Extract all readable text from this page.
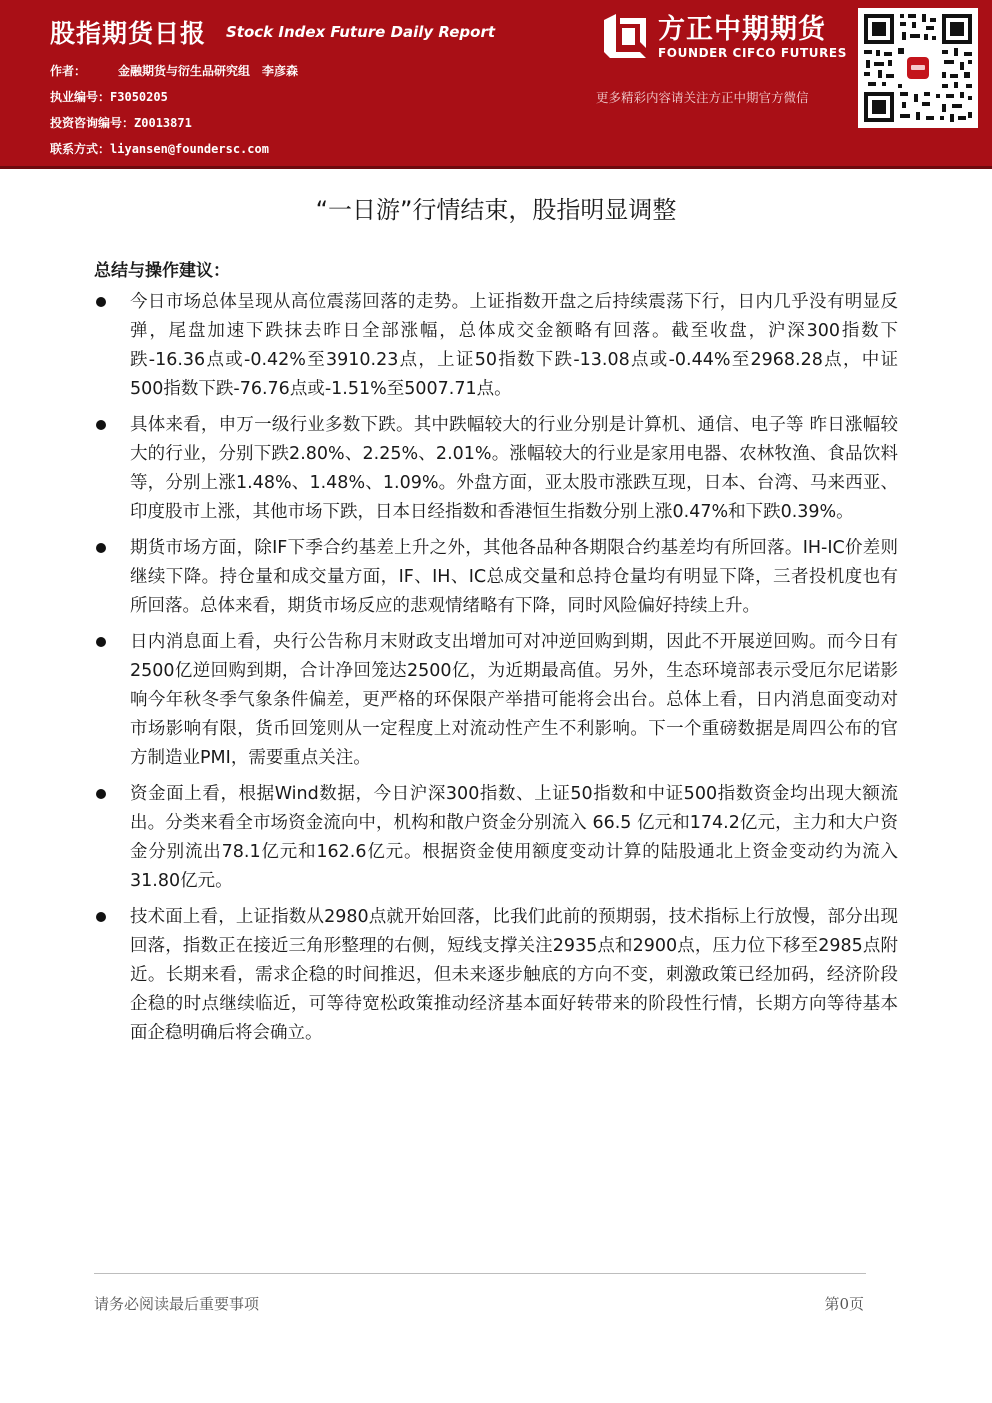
股指期货日报 Stock Index Future Daily Report
作者：	金融期货与衍生品研究组 李彦森
执业编号：F3050205
投资咨询编号：Z0013871
联系方式：liyansen@foundersc.com
方正中期期货
FOUNDER CIFCO FUTURES
更多精彩内容请关注方正中期官方微信
“一日游”行情结束，股指明显调整
总结与操作建议：
今日市场总体呈现从高位震荡回落的走势。上证指数开盘之后持续震荡下行，日内几乎没有明显反弹，尾盘加速下跌抹去昨日全部涨幅，总体成交金额略有回落。截至收盘，沪深300指数下跌-16.36点或-0.42%至3910.23点，上证50指数下跌-13.08点或-0.44%至2968.28点，中证500指数下跌-76.76点或-1.51%至5007.71点。
具体来看，申万一级行业多数下跌。其中跌幅较大的行业分别是计算机、通信、电子等 昨日涨幅较大的行业，分别下跌2.80%、2.25%、2.01%。涨幅较大的行业是家用电器、农林牧渔、食品饮料等，分别上涨1.48%、1.48%、1.09%。外盘方面，亚太股市涨跌互现，日本、台湾、马来西亚、印度股市上涨，其他市场下跌，日本日经指数和香港恒生指数分别上涨0.47%和下跌0.39%。
期货市场方面，除IF下季合约基差上升之外，其他各品种各期限合约基差均有所回落。IH-IC价差则继续下降。持仓量和成交量方面，IF、IH、IC总成交量和总持仓量均有明显下降，三者投机度也有所回落。总体来看，期货市场反应的悲观情绪略有下降，同时风险偏好持续上升。
日内消息面上看，央行公告称月末财政支出增加可对冲逆回购到期，因此不开展逆回购。而今日有2500亿逆回购到期，合计净回笼达2500亿，为近期最高值。另外，生态环境部表示受厄尔尼诺影响今年秋冬季气象条件偏差，更严格的环保限产举措可能将会出台。总体上看，日内消息面变动对市场影响有限，货币回笼则从一定程度上对流动性产生不利影响。下一个重磅数据是周四公布的官方制造业PMI，需要重点关注。
资金面上看，根据Wind数据，今日沪深300指数、上证50指数和中证500指数资金均出现大额流出。分类来看全市场资金流向中，机构和散户资金分别流入 66.5 亿元和174.2亿元，主力和大户资金分别流出78.1亿元和162.6亿元。根据资金使用额度变动计算的陆股通北上资金变动约为流入31.80亿元。
技术面上看，上证指数从2980点就开始回落，比我们此前的预期弱，技术指标上行放慢，部分出现回落，指数正在接近三角形整理的右侧，短线支撑关注2935点和2900点，压力位下移至2985点附近。长期来看，需求企稳的时间推迟，但未来逐步触底的方向不变，刺激政策已经加码，经济阶段企稳的时点继续临近，可等待宽松政策推动经济基本面好转带来的阶段性行情，长期方向等待基本面企稳明确后将会确立。
请务必阅读最后重要事项	第0页
